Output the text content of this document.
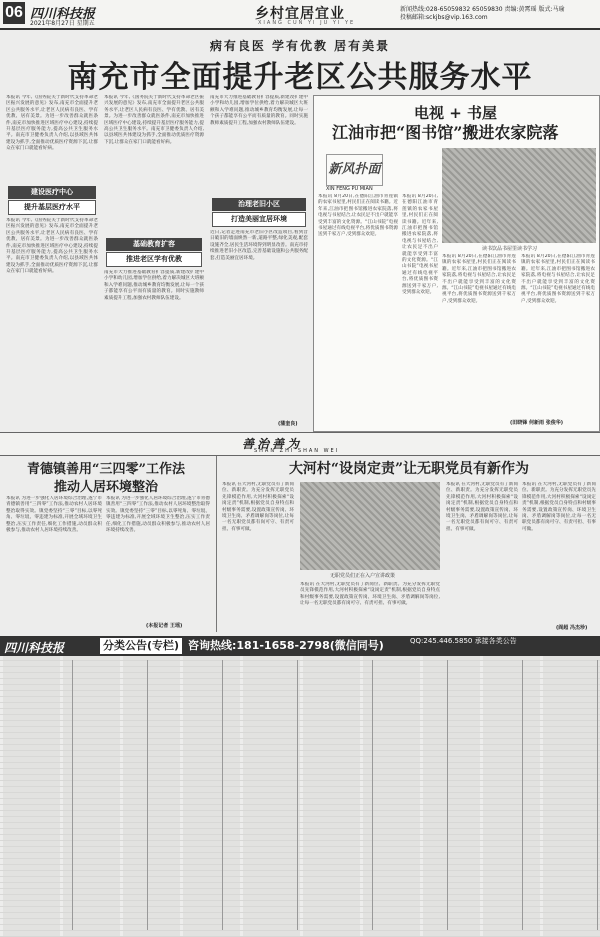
06 四川科技报
2021年8月27日 星期五
乡村宜居宜业
XIANG CUN YI JU YI YE
新闻热线:028-65059832 65059830 责编:黄霄瑶 版式:马瑜
投稿邮箱:sckjbs@vip.163.com
病有良医 学有优教 居有美景
南充市全面提升老区公共服务水平
本报讯 今年,《国务院关于新时代支持革命老区振兴发展的意见》发布,南充市全面提升老区公共服务水平,让老区人民病有良医、学有优教、居有美景。为进一步改善群众就医条件,南充市加快推进区域医疗中心建设,持续提升基层医疗服务能力,提高公共卫生服务水平。南充市卫健委负责人介绍,以县域医共体建设为抓手,全面推动优质医疗资源下沉,让群众在家门口就能看好病。
建设医疗中心
提升基层医疗水平
本报讯 今年,《国务院关于新时代支持革命老区振兴发展的意见》发布,南充市全面提升老区公共服务水平,让老区人民病有良医、学有优教、居有美景。为进一步改善群众就医条件,南充市加快推进区域医疗中心建设,持续提升基层医疗服务能力,提高公共卫生服务水平。南充市卫健委负责人介绍,以县域医共体建设为抓手,全面推动优质医疗资源下沉,让群众在家门口就能看好病。
本报讯 今年,《国务院关于新时代支持革命老区振兴发展的意见》发布,南充市全面提升老区公共服务水平,让老区人民病有良医、学有优教、居有美景。为进一步改善群众就医条件,南充市加快推进区域医疗中心建设,持续提升基层医疗服务能力,提高公共卫生服务水平。南充市卫健委负责人介绍,以县域医共体建设为抓手,全面推动优质医疗资源下沉,让群众在家门口就能看好病。
基础教育扩容
推进老区学有优教
南充市大力推进基础教育扩容提质,新建改扩建中小学和幼儿园,增加学位供给,着力解决城区大班额和入学难问题,推动城乡教育均衡发展,让每一个孩子都能享有公平而有质量的教育。同时实施教师素质提升工程,加强农村教师队伍建设。
南充市大力推进基础教育扩容提质,新建改扩建中小学和幼儿园,增加学位供给,着力解决城区大班额和入学难问题,推动城乡教育均衡发展,让每一个孩子都能享有公平而有质量的教育。同时实施教师素质提升工程,加强农村教师队伍建设。
治理老旧小区
打造美丽宜居环境
近日,记者走进南充市老旧小区改造项目,看到昔日破旧的墙面焕然一新,道路平整,绿化美观,配套设施齐全,居民生活环境得到明显改善。南充市持续推进老旧小区改造,完善基础设施和公共服务配套,打造美丽宜居环境。
(蒲奎良)
电视 + 书屋
江油市把“图书馆”搬进农家院落
新风扑面
XIN FENG PU MIAN
本报讯 8月20日,在德阳江油市青莲镇的农家书屋里,村民们正在阅读书籍。近年来,江油市把图书馆搬进农家院落,将电视与书屋结合,让农民足不出户就能享受到丰富的文化资源。“江山书院”电视书屋通过有线电视平台,将优质图书资源送到千家万户,受到群众欢迎。
读书饮品书屋里读书学习
本报讯 8月20日,在德阳江油市青莲镇的农家书屋里,村民们正在阅读书籍。近年来,江油市把图书馆搬进农家院落,将电视与书屋结合,让农民足不出户就能享受到丰富的文化资源。“江山书院”电视书屋通过有线电视平台,将优质图书资源送到千家万户,受到群众欢迎。
本报讯 8月20日,在德阳江油市青莲镇的农家书屋里,村民们正在阅读书籍。近年来,江油市把图书馆搬进农家院落,将电视与书屋结合,让农民足不出户就能享受到丰富的文化资源。“江山书院”电视书屋通过有线电视平台,将优质图书资源送到千家万户,受到群众欢迎。
本报讯 8月20日,在德阳江油市青莲镇的农家书屋里,村民们正在阅读书籍。近年来,江油市把图书馆搬进农家院落,将电视与书屋结合,让农民足不出户就能享受到丰富的文化资源。“江山书院”电视书屋通过有线电视平台,将优质图书资源送到千家万户,受到群众欢迎。
(田晓锋 何新雨 张俊华)
善治善为
SHAN ZHI SHAN WEI
青德镇善用“三四零”工作法
推动人居环境整治
本报讯 为进一步强化人居环境综合治理,遂宁市青德镇善用“三四零”工作法,推动农村人居环境整治取得实效。镇党委坚持“三零”目标,以零死角、零垃圾、零违建为标准,开展全域环境卫生整治,压实工作责任,细化工作措施,动员群众积极参与,推动农村人居环境持续改善。
本报讯 为进一步强化人居环境综合治理,遂宁市青德镇善用“三四零”工作法,推动农村人居环境整治取得实效。镇党委坚持“三零”目标,以零死角、零垃圾、零违建为标准,开展全域环境卫生整治,压实工作责任,细化工作措施,动员群众积极参与,推动农村人居环境持续改善。
(本报记者 王瑶)
大河村“设岗定责”让无职党员有新作为
本报讯 在大河村,无职党员有了新岗位、新职责。为充分发挥无职党员先锋模范作用,大河村积极探索“设岗定责”机制,根据党员自身特点和村级事务需要,设置政策宣传岗、环境卫生岗、矛盾调解岗等岗位,让每一名无职党员都有岗可守、有责可担、有事可做。
无职党员们正在入户宣讲政策
本报讯 在大河村,无职党员有了新岗位、新职责。为充分发挥无职党员先锋模范作用,大河村积极探索“设岗定责”机制,根据党员自身特点和村级事务需要,设置政策宣传岗、环境卫生岗、矛盾调解岗等岗位,让每一名无职党员都有岗可守、有责可担、有事可做。
本报讯 在大河村,无职党员有了新岗位、新职责。为充分发挥无职党员先锋模范作用,大河村积极探索“设岗定责”机制,根据党员自身特点和村级事务需要,设置政策宣传岗、环境卫生岗、矛盾调解岗等岗位,让每一名无职党员都有岗可守、有责可担、有事可做。
本报讯 在大河村,无职党员有了新岗位、新职责。为充分发挥无职党员先锋模范作用,大河村积极探索“设岗定责”机制,根据党员自身特点和村级事务需要,设置政策宣传岗、环境卫生岗、矛盾调解岗等岗位,让每一名无职党员都有岗可守、有责可担、有事可做。
(阎超 冯杰珍)
四川科技报	分类公告(专栏) 咨询热线:181-1658-2798(微信同号)	QQ:245.446.5850 承接各类公告
